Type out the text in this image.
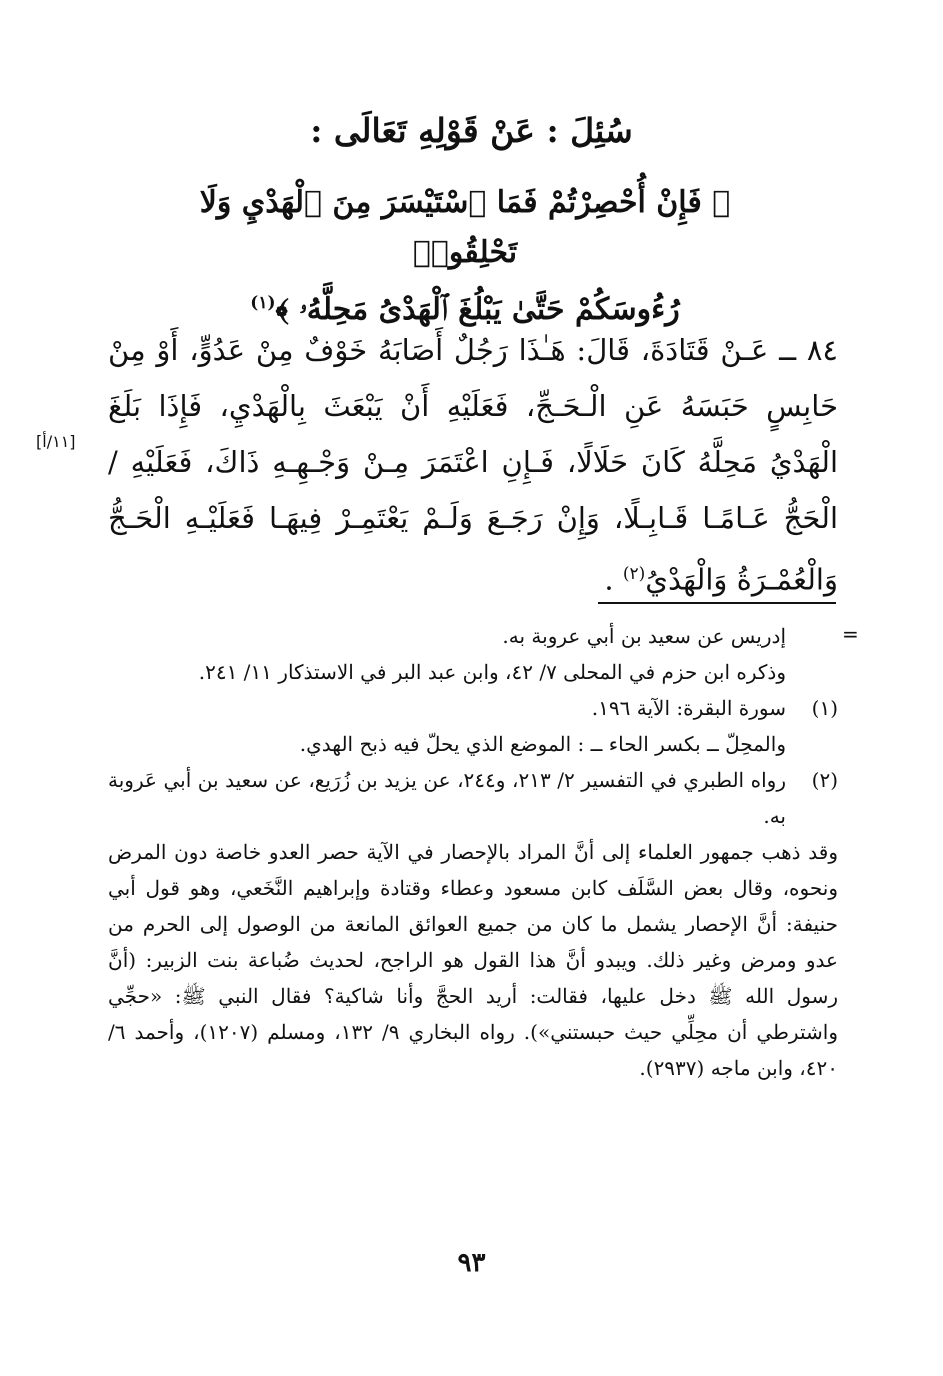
سُئِلَ : عَنْ قَوْلِهِ تَعَالَى :
﴿ فَإِنْ أُحْصِرْتُمْ فَمَا ٱسْتَيْسَرَ مِنَ ٱلْهَدْيِ وَلَا تَحْلِقُوا۟
رُءُوسَكُمْ حَتَّىٰ يَبْلُغَ ٱلْهَدْىُ مَحِلَّهُۥ ﴾$^{(١)}$
٨٤ ــ عَـنْ قَتَادَةَ، قَالَ: هَـٰذَا رَجُلٌ أَصَابَهُ خَوْفٌ مِنْ عَدُوٍّ، أَوْ مِنْ حَابِسٍ حَبَسَهُ عَنِ الْـحَـجِّ، فَعَلَيْهِ أَنْ يَبْعَثَ بِالْهَدْيِ، فَإِذَا بَلَغَ الْهَدْيُ مَحِلَّهُ كَانَ حَلَالًا، فَـإِنِ اعْتَمَرَ مِـنْ وَجْـهِـهِ ذَاكَ، فَعَلَيْهِ / الْحَجُّ عَـامًـا قَـابِـلًا، وَإِنْ رَجَـعَ وَلَـمْ يَعْتَمِـرْ فِيهَـا فَعَلَيْـهِ الْحَـجُّ وَالْعُمْـرَةُ وَالْهَدْيُ$^{(٢)}$ .
[١١/أ]
=
إدريس عن سعيد بن أبي عروبة به.
وذكره ابن حزم في المحلى ٧/ ٤٢، وابن عبد البر في الاستذكار ١١/ ٢٤١.
(١)
سورة البقرة: الآية ١٩٦.
والمحِلّ ــ بكسر الحاء ــ : الموضع الذي يحلّ فيه ذبح الهدي.
(٢)
رواه الطبري في التفسير ٢/ ٢١٣، و٢٤٤، عن يزيد بن زُرَيع، عن سعيد بن أبي عَروبة به.
وقد ذهب جمهور العلماء إلى أنَّ المراد بالإحصار في الآية حصر العدو خاصة دون المرض ونحوه، وقال بعض السَّلَف كابن مسعود وعطاء وقتادة وإبراهيم النَّخَعي، وهو قول أبي حنيفة: أنَّ الإحصار يشمل ما كان من جميع العوائق المانعة من الوصول إلى الحرم من عدو ومرض وغير ذلك. ويبدو أنَّ هذا القول هو الراجح، لحديث ضُباعة بنت الزبير: (أنَّ رسول الله ﷺ دخل عليها، فقالت: أريد الحجَّ وأنا شاكية؟ فقال النبي ﷺ: «حجِّي واشترطي أن محِلِّي حيث حبستني»). رواه البخاري ٩/ ١٣٢، ومسلم (١٢٠٧)، وأحمد ٦/ ٤٢٠، وابن ماجه (٢٩٣٧).
٩٣
